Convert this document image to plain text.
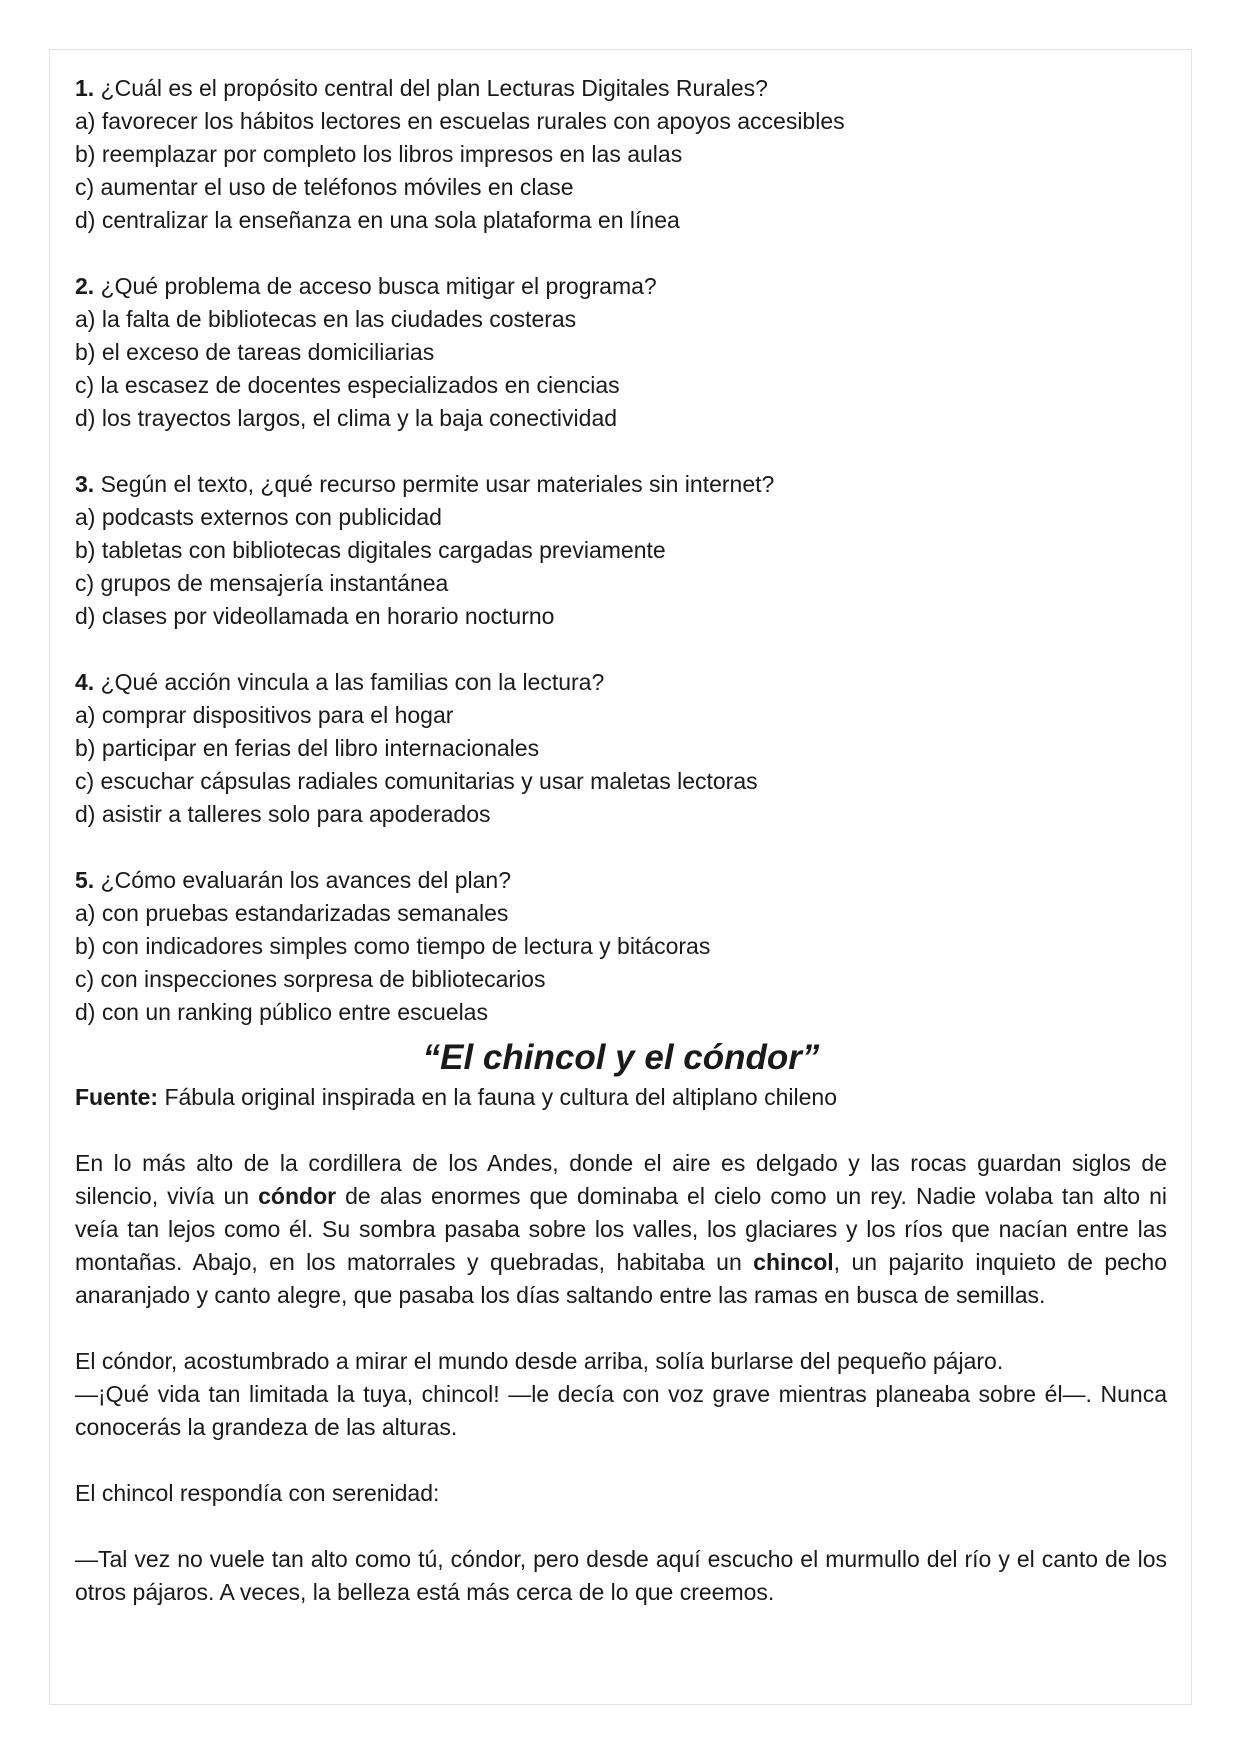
1. ¿Cuál es el propósito central del plan Lecturas Digitales Rurales?

a) favorecer los hábitos lectores en escuelas rurales con apoyos accesibles

b) reemplazar por completo los libros impresos en las aulas

c) aumentar el uso de teléfonos móviles en clase

d) centralizar la enseñanza en una sola plataforma en línea

2. ¿Qué problema de acceso busca mitigar el programa?

a) la falta de bibliotecas en las ciudades costeras

b) el exceso de tareas domiciliarias

c) la escasez de docentes especializados en ciencias

d) los trayectos largos, el clima y la baja conectividad

3. Según el texto, ¿qué recurso permite usar materiales sin internet?

a) podcasts externos con publicidad

b) tabletas con bibliotecas digitales cargadas previamente

c) grupos de mensajería instantánea

d) clases por videollamada en horario nocturno

4. ¿Qué acción vincula a las familias con la lectura?

a) comprar dispositivos para el hogar

b) participar en ferias del libro internacionales

c) escuchar cápsulas radiales comunitarias y usar maletas lectoras

d) asistir a talleres solo para apoderados

5. ¿Cómo evaluarán los avances del plan?

a) con pruebas estandarizadas semanales

b) con indicadores simples como tiempo de lectura y bitácoras

c) con inspecciones sorpresa de bibliotecarios

d) con un ranking público entre escuelas

“El chincol y el cóndor”

Fuente: Fábula original inspirada en la fauna y cultura del altiplano chileno

En lo más alto de la cordillera de los Andes, donde el aire es delgado y las rocas guardan siglos de silencio, vivía un cóndor de alas enormes que dominaba el cielo como un rey. Nadie volaba tan alto ni veía tan lejos como él. Su sombra pasaba sobre los valles, los glaciares y los ríos que nacían entre las montañas. Abajo, en los matorrales y quebradas, habitaba un chincol, un pajarito inquieto de pecho anaranjado y canto alegre, que pasaba los días saltando entre las ramas en busca de semillas.

El cóndor, acostumbrado a mirar el mundo desde arriba, solía burlarse del pequeño pájaro.
—¡Qué vida tan limitada la tuya, chincol! —le decía con voz grave mientras planeaba sobre él—. Nunca conocerás la grandeza de las alturas.

El chincol respondía con serenidad:

—Tal vez no vuele tan alto como tú, cóndor, pero desde aquí escucho el murmullo del río y el canto de los otros pájaros. A veces, la belleza está más cerca de lo que creemos.
